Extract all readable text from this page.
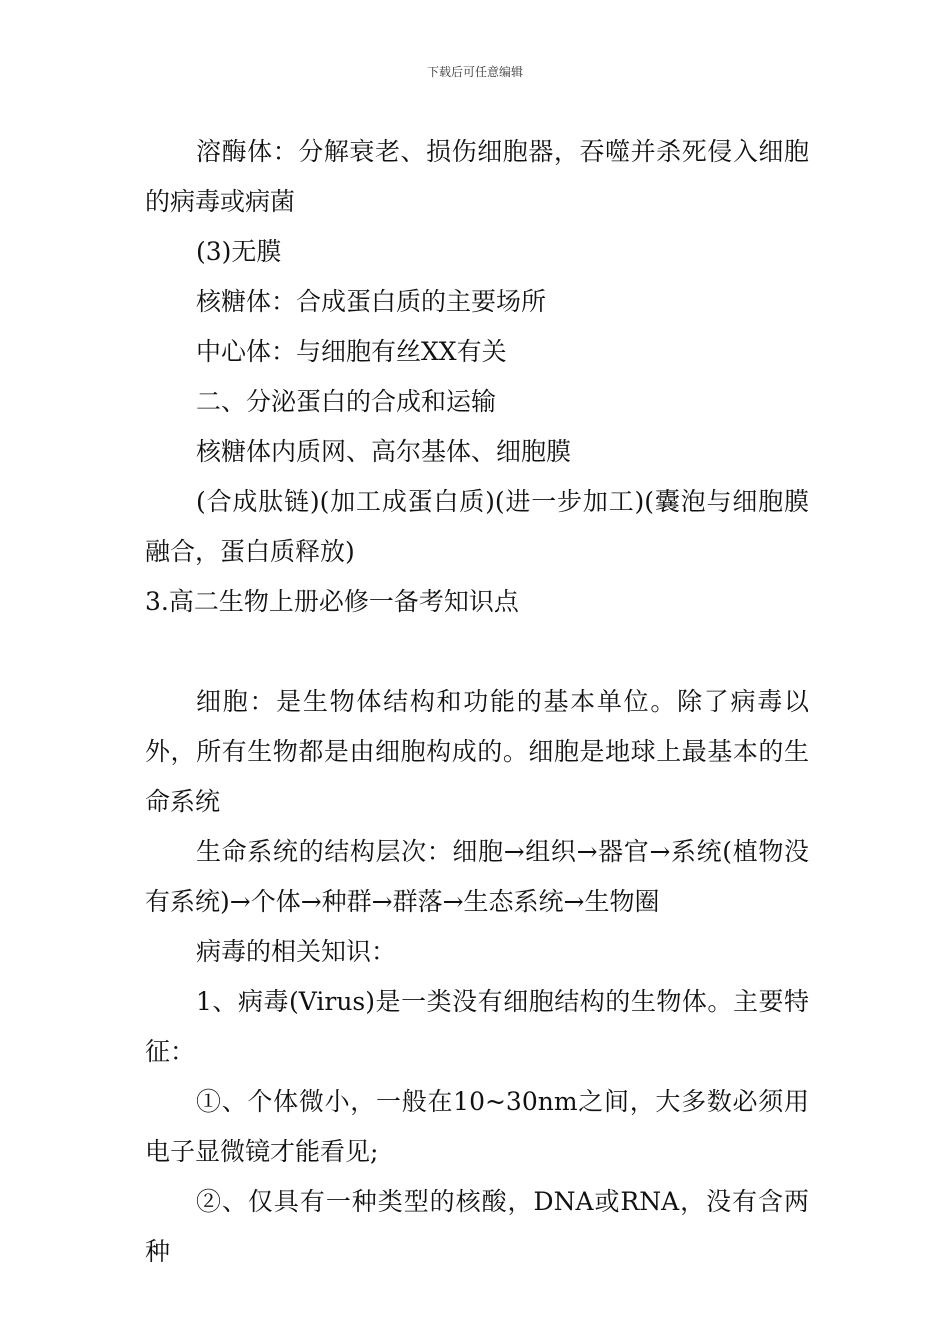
下载后可任意编辑

溶酶体：分解衰老、损伤细胞器，吞噬并杀死侵入细胞的病毒或病菌

(3)无膜

核糖体：合成蛋白质的主要场所

中心体：与细胞有丝XX有关

二、分泌蛋白的合成和运输

核糖体内质网、高尔基体、细胞膜

(合成肽链)(加工成蛋白质)(进一步加工)(囊泡与细胞膜融合，蛋白质释放)

3.高二生物上册必修一备考知识点

细胞：是生物体结构和功能的基本单位。除了病毒以外，所有生物都是由细胞构成的。细胞是地球上最基本的生命系统

生命系统的结构层次：细胞→组织→器官→系统(植物没有系统)→个体→种群→群落→生态系统→生物圈

病毒的相关知识：

1、病毒(Virus)是一类没有细胞结构的生物体。主要特征：

①、个体微小，一般在10~30nm之间，大多数必须用电子显微镜才能看见;

②、仅具有一种类型的核酸，DNA或RNA，没有含两种
